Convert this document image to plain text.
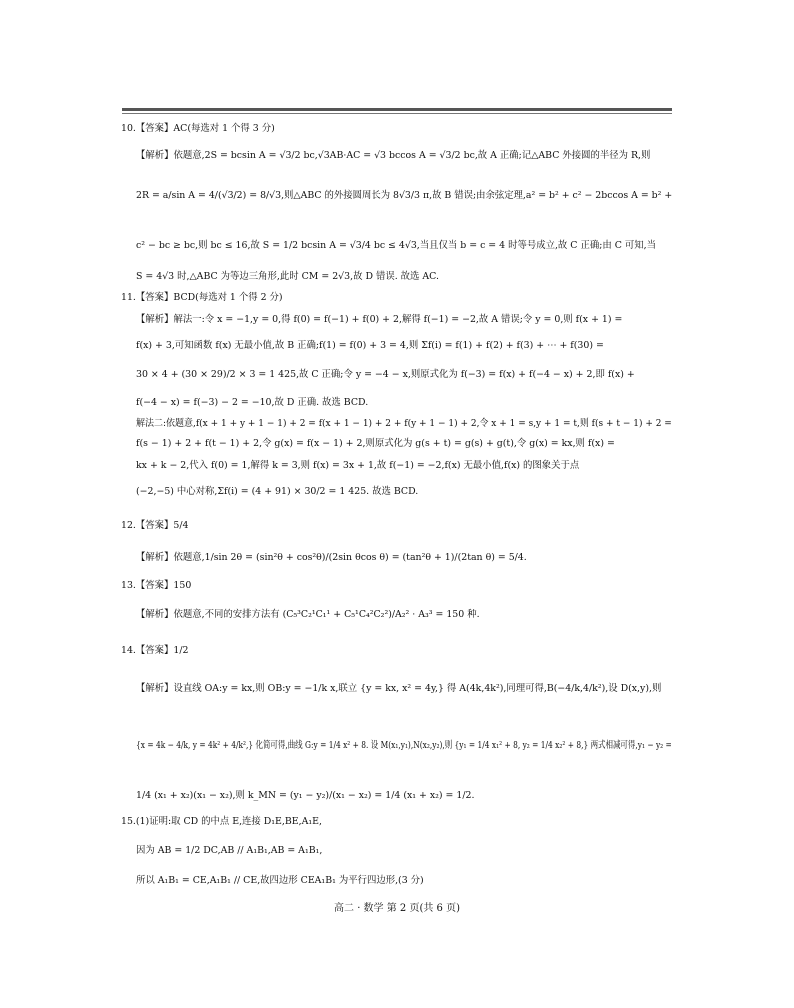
10.【答案】AC(每选对 1 个得 3 分)
【解析】依题意,2S = bcsin A = √3/2 bc,√3AB·AC = √3 bccos A = √3/2 bc,故 A 正确;记△ABC 外接圆的半径为 R,则
2R = a/sin A = 4/(√3/2) = 8/√3,则△ABC 的外接圆周长为 8√3/3 π,故 B 错误;由余弦定理,a² = b² + c² − 2bccos A = b² +
c² − bc ≥ bc,则 bc ≤ 16,故 S = 1/2 bcsin A = √3/4 bc ≤ 4√3,当且仅当 b = c = 4 时等号成立,故 C 正确;由 C 可知,当
S = 4√3 时,△ABC 为等边三角形,此时 CM = 2√3,故 D 错误. 故选 AC.
11.【答案】BCD(每选对 1 个得 2 分)
【解析】解法一:令 x = −1,y = 0,得 f(0) = f(−1) + f(0) + 2,解得 f(−1) = −2,故 A 错误;令 y = 0,则 f(x + 1) =
f(x) + 3,可知函数 f(x) 无最小值,故 B 正确;f(1) = f(0) + 3 = 4,则 Σf(i) = f(1) + f(2) + f(3) + ⋯ + f(30) =
30 × 4 + (30 × 29)/2 × 3 = 1 425,故 C 正确;令 y = −4 − x,则原式化为 f(−3) = f(x) + f(−4 − x) + 2,即 f(x) +
f(−4 − x) = f(−3) − 2 = −10,故 D 正确. 故选 BCD.
解法二:依题意,f(x + 1 + y + 1 − 1) + 2 = f(x + 1 − 1) + 2 + f(y + 1 − 1) + 2,令 x + 1 = s,y + 1 = t,则 f(s + t − 1) + 2 =
f(s − 1) + 2 + f(t − 1) + 2,令 g(x) = f(x − 1) + 2,则原式化为 g(s + t) = g(s) + g(t),令 g(x) = kx,则 f(x) =
kx + k − 2,代入 f(0) = 1,解得 k = 3,则 f(x) = 3x + 1,故 f(−1) = −2,f(x) 无最小值,f(x) 的图象关于点
(−2,−5) 中心对称,Σf(i) = (4 + 91) × 30/2 = 1 425. 故选 BCD.
12.【答案】5/4
【解析】依题意,1/sin 2θ = (sin²θ + cos²θ)/(2sin θcos θ) = (tan²θ + 1)/(2tan θ) = 5/4.
13.【答案】150
【解析】依题意,不同的安排方法有 (C₅³C₂¹C₁¹ + C₅¹C₄²C₂²)/A₂² · A₃³ = 150 种.
14.【答案】1/2
【解析】设直线 OA:y = kx,则 OB:y = −1/k x,联立 {y = kx, x² = 4y,} 得 A(4k,4k²),同理可得,B(−4/k,4/k²),设 D(x,y),则
{x = 4k − 4/k, y = 4k² + 4/k²,} 化简可得,曲线 G:y = 1/4 x² + 8. 设 M(x₁,y₁),N(x₂,y₂),则 {y₁ = 1/4 x₁² + 8, y₂ = 1/4 x₂² + 8,} 两式相减可得,y₁ − y₂ =
1/4 (x₁ + x₂)(x₁ − x₂),则 k_MN = (y₁ − y₂)/(x₁ − x₂) = 1/4 (x₁ + x₂) = 1/2.
15.(1)证明:取 CD 的中点 E,连接 D₁E,BE,A₁E,
因为 AB = 1/2 DC,AB // A₁B₁,AB = A₁B₁,
所以 A₁B₁ = CE,A₁B₁ // CE,故四边形 CEA₁B₁ 为平行四边形,(3 分)
高二 · 数学 第 2 页(共 6 页)
